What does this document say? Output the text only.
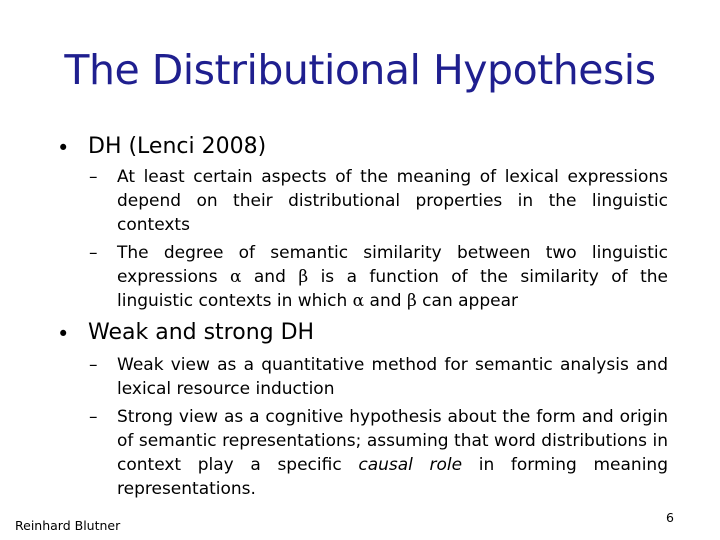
The Distributional Hypothesis
• DH (Lenci 2008)
– At least certain aspects of the meaning of lexical expressions depend on their distributional properties in the linguistic contexts
– The degree of semantic similarity between two linguistic expressions α and β is a function of the similarity of the linguistic contexts in which α and β can appear
• Weak and strong DH
– Weak view as a quantitative method for semantic analysis and lexical resource induction
– Strong view as a cognitive hypothesis about the form and origin of semantic representations; assuming that word distributions in context play a specific causal role in forming meaning representations.
Reinhard Blutner
6
